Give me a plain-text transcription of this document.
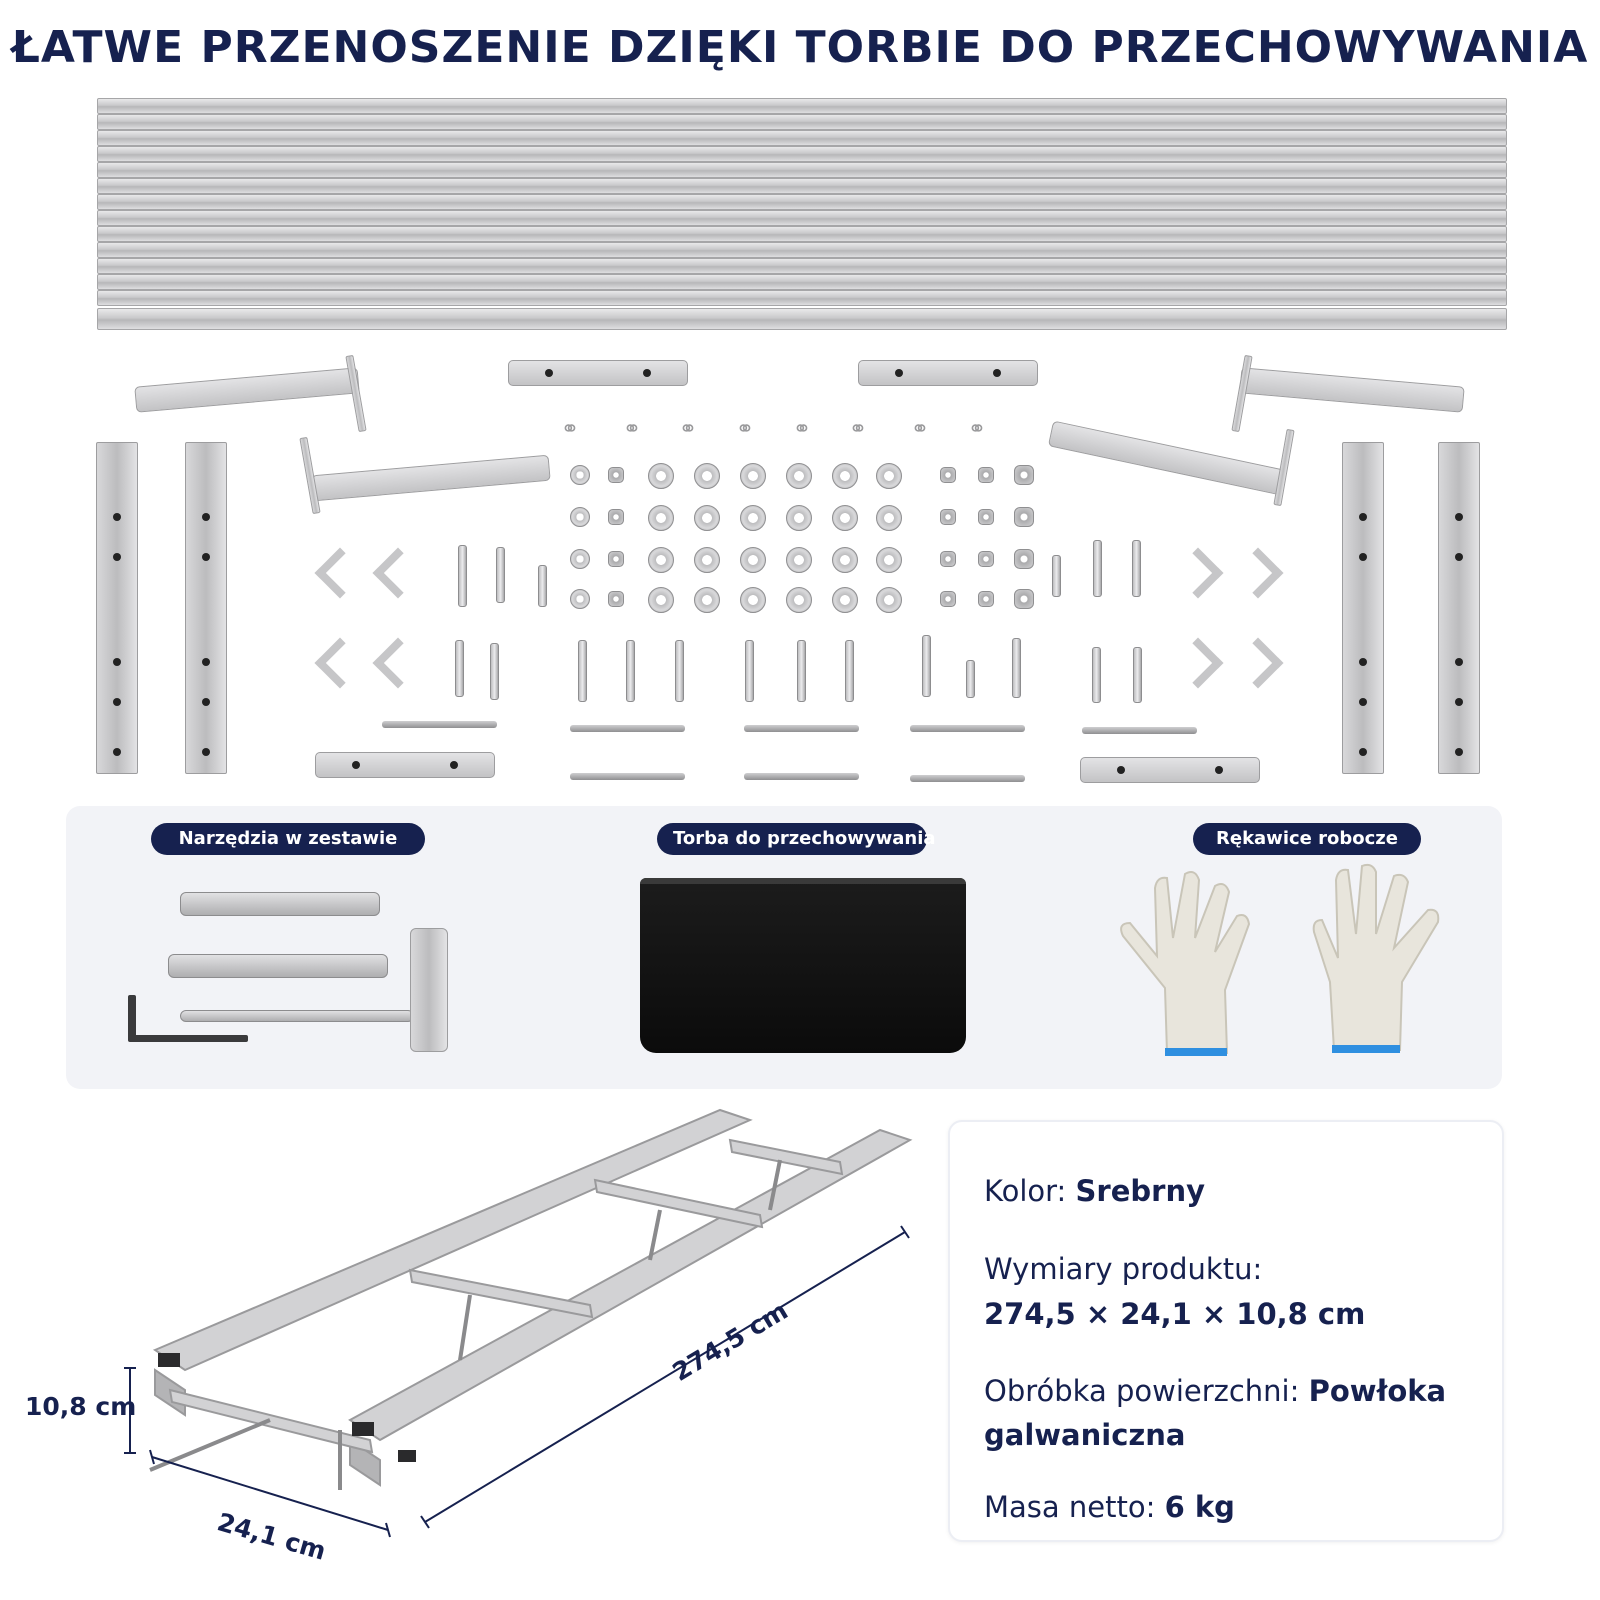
ŁATWE PRZENOSZENIE DZIĘKI TORBIE DO PRZECHOWYWANIA
⚭ ⚭ ⚭ ⚭ ⚭ ⚭ ⚭ ⚭
Narzędzia w zestawie	Torba do przechowywania	Rękawice robocze
10,8 cm
24,1 cm
274,5 cm
Kolor: Srebrny
Wymiary produktu:
274,5 × 24,1 × 10,8 cm
Obróbka powierzchni: Powłoka
galwaniczna
Masa netto: 6 kg
